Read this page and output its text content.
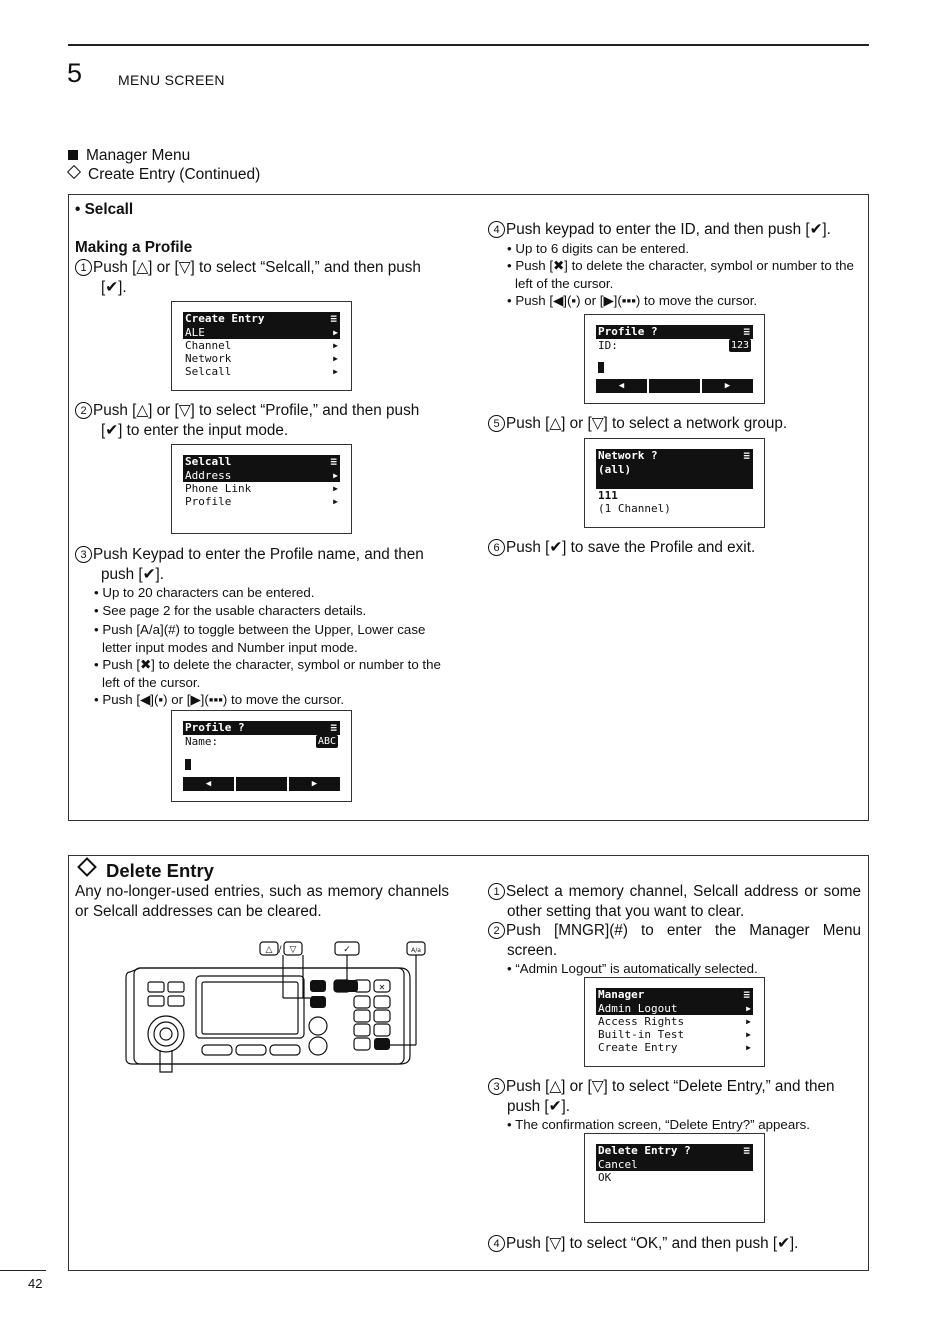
5	MENU SCREEN
Manager Menu
Create Entry (Continued)
• Selcall
Making a Profile
1 Push [△] or [▽] to select “Selcall,” and then push
[✔].
Create Entry	≡
ALE	▶
Channel	▶
Network	▶
Selcall	▶
2 Push [△] or [▽] to select “Profile,” and then push
[✔] to enter the input mode.
Selcall	≡
Address	▶
Phone Link	▶
Profile	▶
3 Push Keypad to enter the Profile name, and then
push [✔].
• Up to 20 characters can be entered.
• See page 2 for the usable characters details.
• Push [A/a](#) to toggle between the Upper, Lower case letter input modes and Number input mode.
• Push [✖] to delete the character, symbol or number to the left of the cursor.
• Push [◀](▪) or [▶](▪▪▪) to move the cursor.
Profile ?	≡
Name:	ABC
◀	▶
4 Push keypad to enter the ID, and then push [✔].
• Up to 6 digits can be entered.
• Push [✖] to delete the character, symbol or number to the left of the cursor.
• Push [◀](▪) or [▶](▪▪▪) to move the cursor.
Profile ?	≡
ID:	123
◀	▶
5 Push [△] or [▽] to select a network group.
Network ?	≡
(all)
111
(1 Channel)
6 Push [✔] to save the Profile and exit.
Delete Entry
Any no-longer-used entries, such as memory channels or Selcall addresses can be cleared.
△ / ▽	✓
✕
A/a
1 Select a memory channel, Selcall address or some other setting that you want to clear.
2 Push [MNGR](#) to enter the Manager Menu screen.
• “Admin Logout” is automatically selected.
Manager	≡
Admin Logout	▶
Access Rights	▶
Built-in Test	▶
Create Entry	▶
3 Push [△] or [▽] to select “Delete Entry,” and then push [✔].
• The confirmation screen, “Delete Entry?” appears.
Delete Entry ?	≡
Cancel
OK
4 Push [▽] to select “OK,” and then push [✔].
42
